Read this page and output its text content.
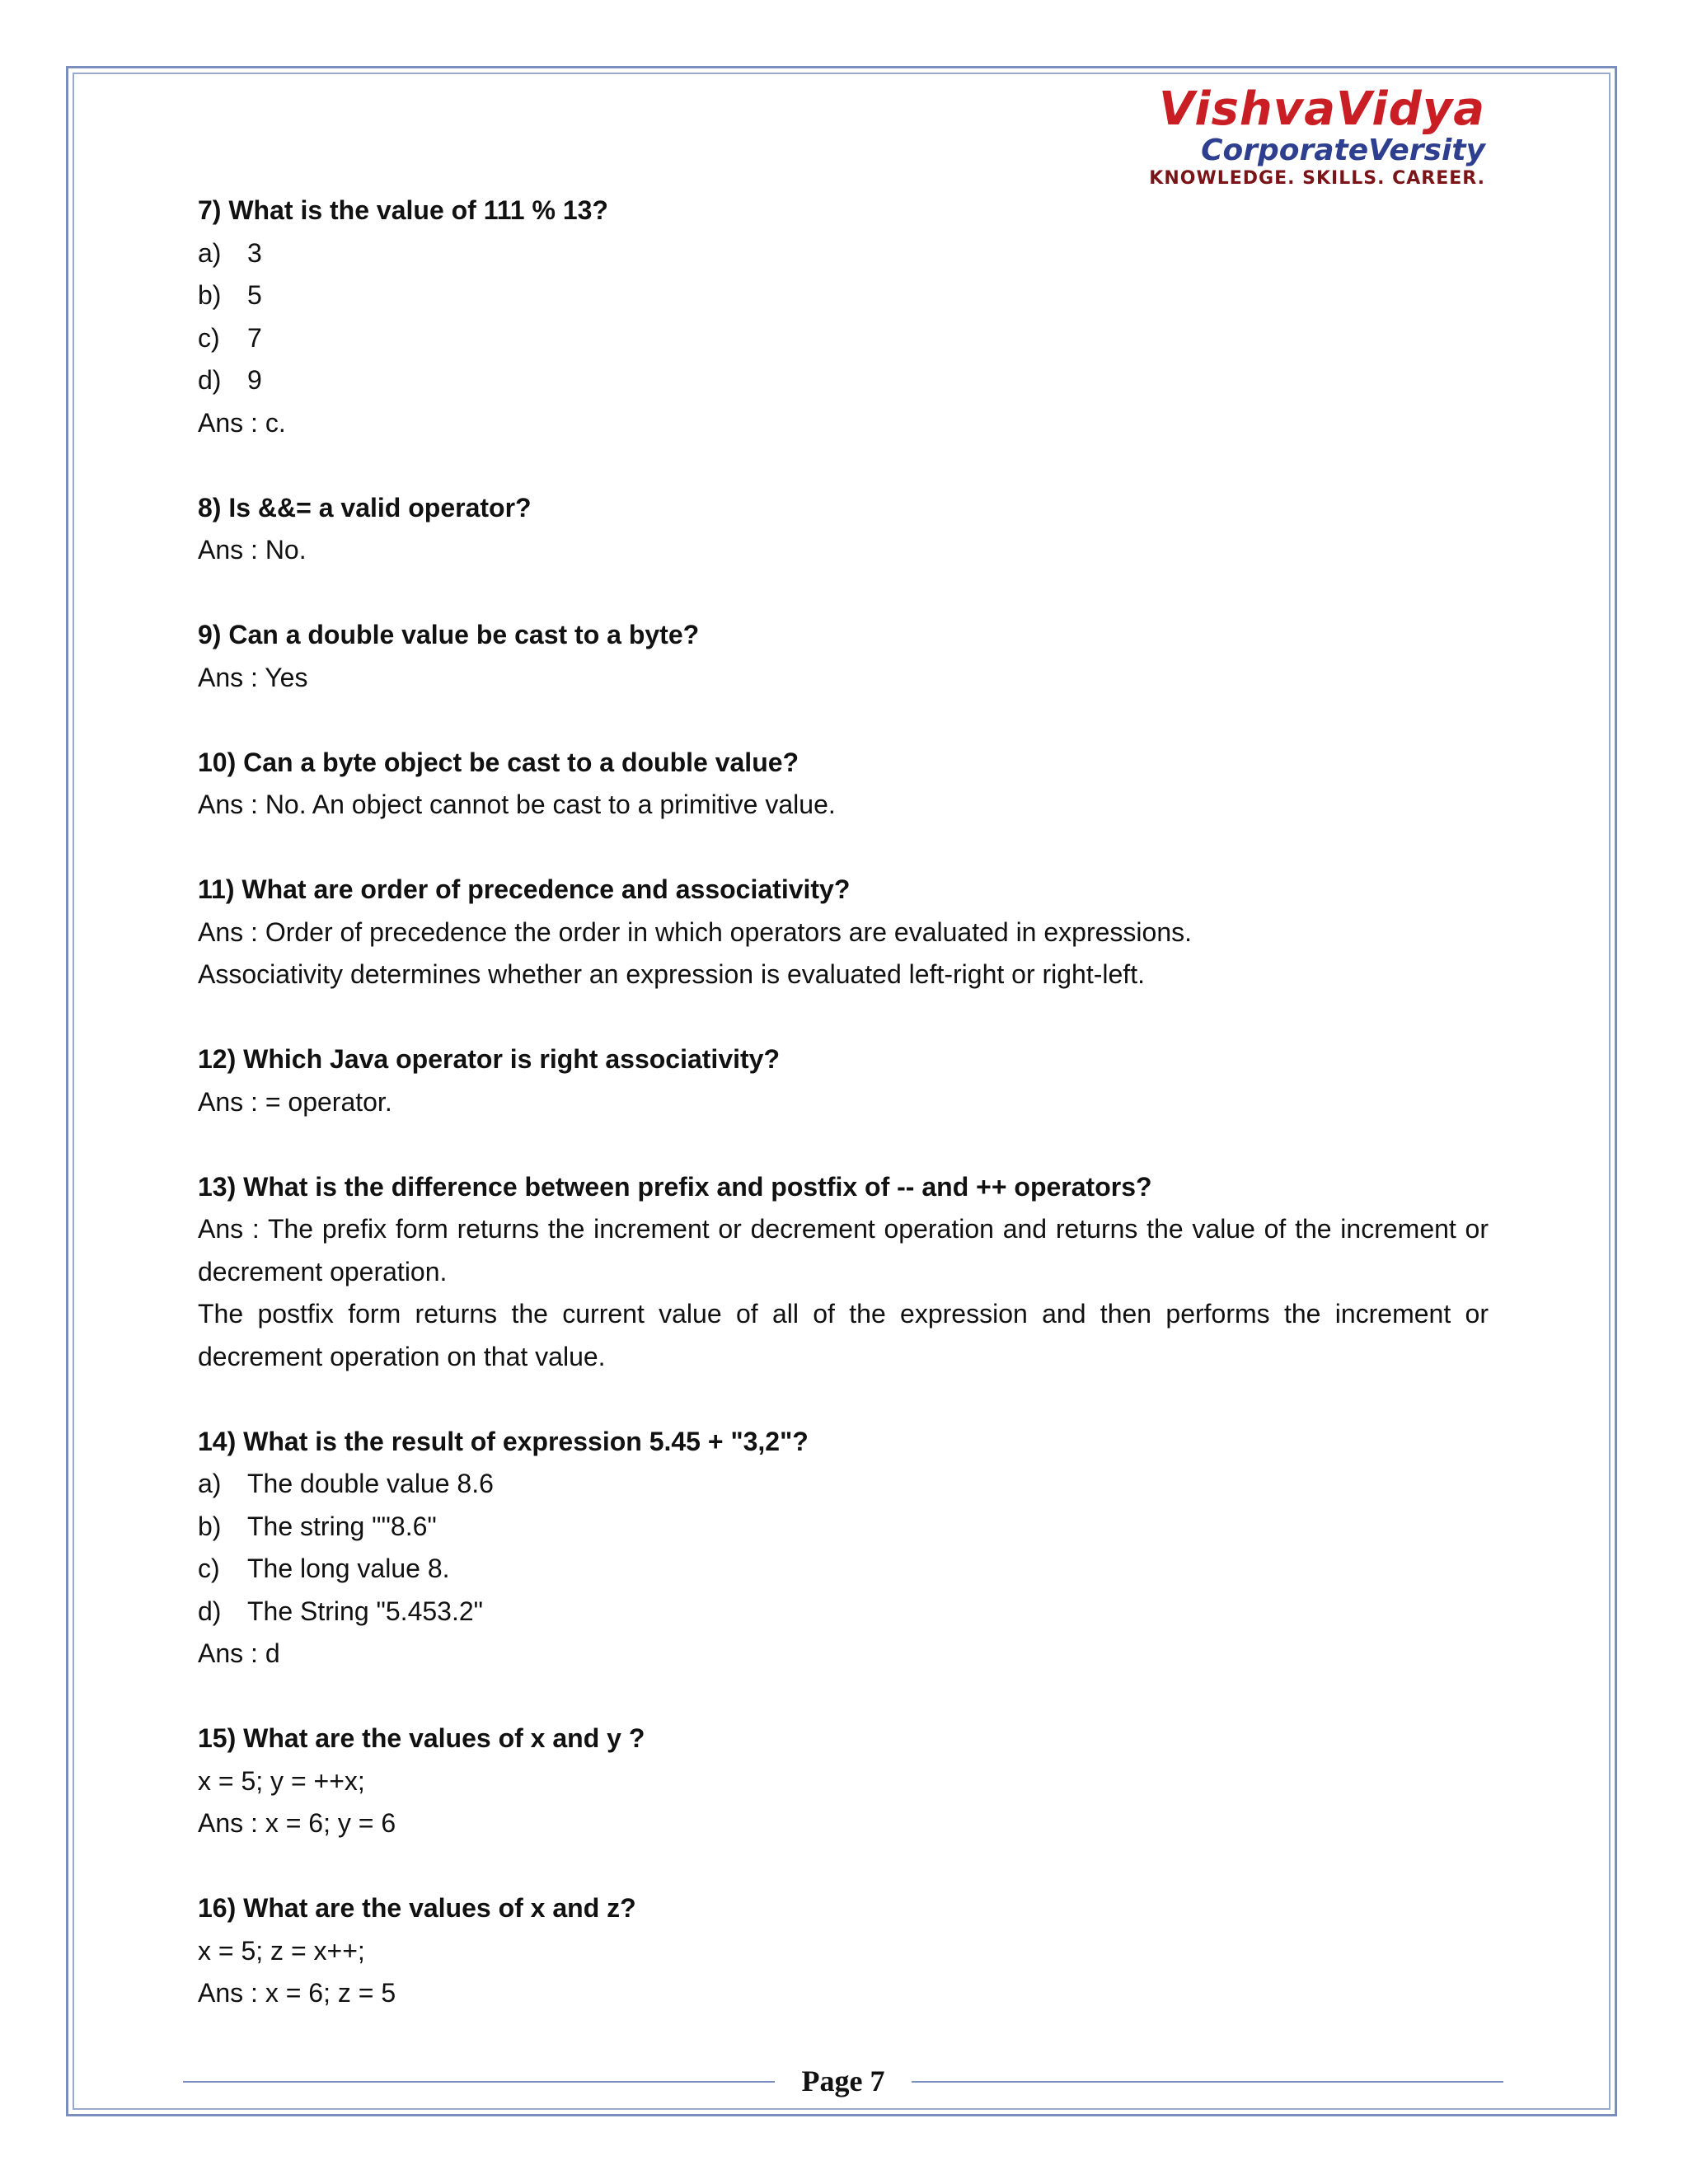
VishvaVidya
CorporateVersity
KNOWLEDGE. SKILLS. CAREER.
7) What is the value of 111 % 13?
a) 3
b) 5
c)	7
d) 9
Ans : c.
8) Is &&= a valid operator?
Ans : No.
9) Can a double value be cast to a byte?
Ans : Yes
10) Can a byte object be cast to a double value?
Ans : No. An object cannot be cast to a primitive value.
11) What are order of precedence and associativity?
Ans : Order of precedence the order in which operators are evaluated in expressions.
Associativity determines whether an expression is evaluated left-right or right-left.
12) Which Java operator is right associativity?
Ans : = operator.
13) What is the difference between prefix and postfix of -- and ++ operators?
Ans : The prefix form returns the increment or decrement operation and returns the value of the increment or decrement operation.
The postfix form returns the current value of all of the expression and then performs the increment or decrement operation on that value.
14) What is the result of expression 5.45 + "3,2"?
a) The double value 8.6
b) The string ""8.6"
c)	The long value 8.
d) The String "5.453.2"
Ans : d
15) What are the values of x and y ?
x = 5; y = ++x;
Ans : x = 6; y = 6
16) What are the values of x and z?
x = 5; z = x++;
Ans : x = 6; z = 5
Page 7
